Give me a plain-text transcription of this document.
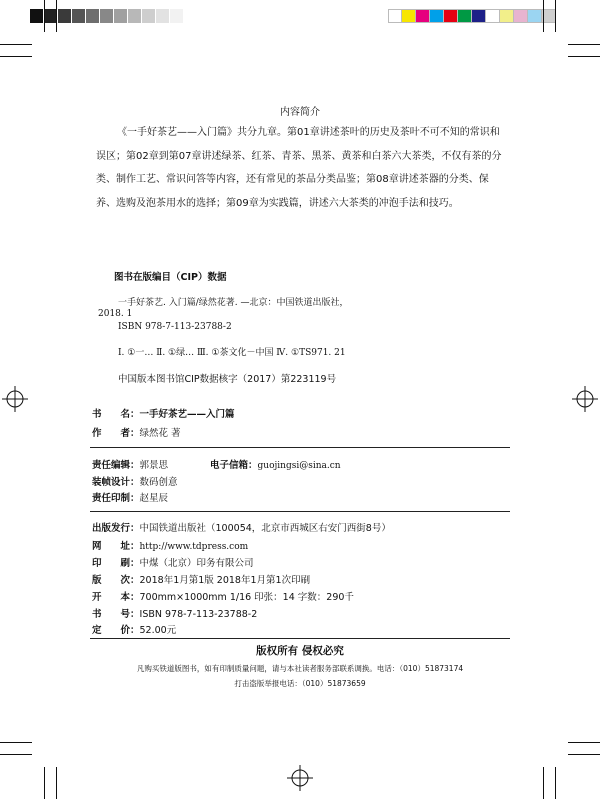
内容简介

《一手好茶艺——入门篇》共分九章。第01章讲述茶叶的历史及茶叶不可不知的常识和误区；第02章到第07章讲述绿茶、红茶、青茶、黑茶、黄茶和白茶六大茶类，不仅有茶的分类、制作工艺、常识问答等内容，还有常见的茶品分类品鉴；第08章讲述茶器的分类、保养、选购及泡茶用水的选择；第09章为实践篇，讲述六大茶类的冲泡手法和技巧。

图书在版编目（CIP）数据
一手好茶艺. 入门篇/绿然花著. —北京：中国铁道出版社，
2018. 1
ISBN 978-7-113-23788-2
Ⅰ. ①一… Ⅱ. ①绿… Ⅲ. ①茶文化－中国 Ⅳ. ①TS971. 21
中国版本图书馆CIP数据核字（2017）第223119号
书　　名：一手好茶艺——入门篇
作　　者：绿然花 著
责任编辑：郭景思	电子信箱：guojingsi@sina.cn
装帧设计：数码创意
责任印制：赵星辰
出版发行：中国铁道出版社（100054，北京市西城区右安门西街8号）
网　　址：http://www.tdpress.com
印　　刷：中煤（北京）印务有限公司
版　　次：2018年1月第1版 2018年1月第1次印刷
开　　本：700mm×1000mm 1/16 印张：14 字数：290千
书　　号：ISBN 978-7-113-23788-2
定　　价：52.00元
版权所有 侵权必究
凡购买铁道版图书，如有印制质量问题，请与本社读者服务部联系调换。电话：（010）51873174
打击盗版举报电话：（010）51873659
